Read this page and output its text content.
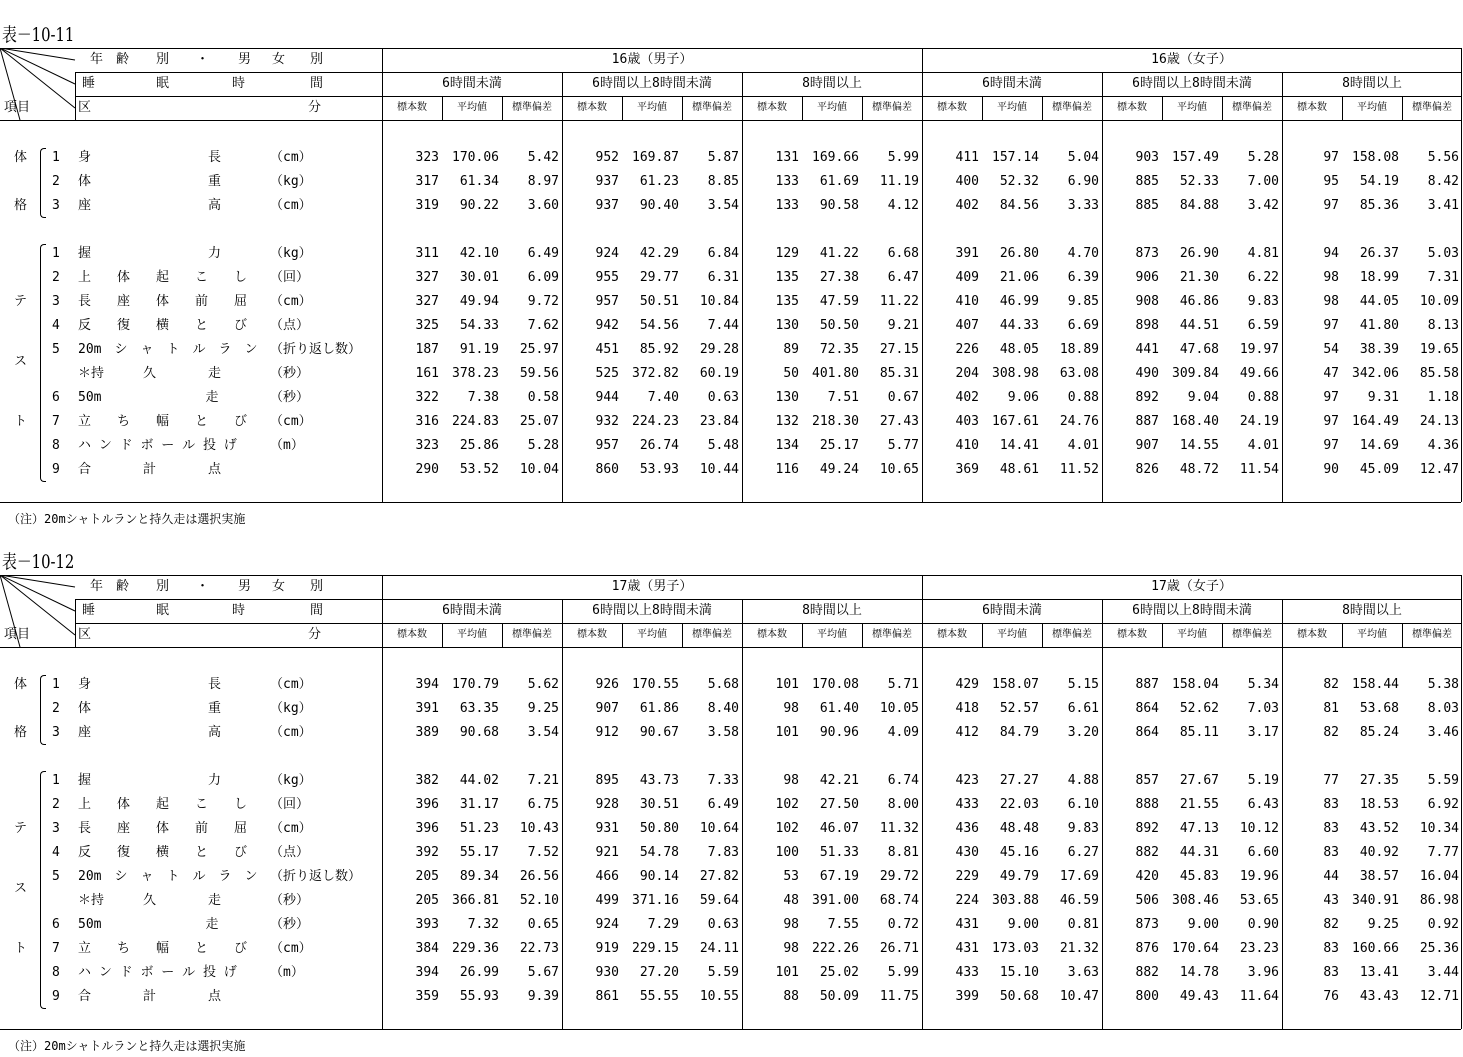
表－10-11
年 齢 別 ・ 男 女 別
睡	眠	時	間
項目	区	分
16歳（男子）	16歳（女子）
6時間未満
標本数	平均値	標準偏差
6時間以上8時間未満
標本数	平均値	標準偏差
8時間以上
標本数	平均値	標準偏差
6時間未満
標本数	平均値	標準偏差
6時間以上8時間未満
標本数	平均値	標準偏差
8時間以上
標本数	平均値	標準偏差
体
格
テ
ス
ト
1 身　　　　　　　　　長	（cm）	323	170.06	5.42	952	169.87	5.87	131	169.66	5.99	411	157.14	5.04	903	157.49	5.28	97	158.08	5.56
2 体　　　　　　　　　重	（kg）	317	61.34	8.97	937	61.23	8.85	133	61.69	11.19	400	52.32	6.90	885	52.33	7.00	95	54.19	8.42
3 座　　　　　　　　　高	（cm）	319	90.22	3.60	937	90.40	3.54	133	90.58	4.12	402	84.56	3.33	885	84.88	3.42	97	85.36	3.41
1 握　　　　　　　　　力	（kg）	311	42.10	6.49	924	42.29	6.84	129	41.22	6.68	391	26.80	4.70	873	26.90	4.81	94	26.37	5.03
2 上　　体　　起　　こ　　し （回）	327	30.01	6.09	955	29.77	6.31	135	27.38	6.47	409	21.06	6.39	906	21.30	6.22	98	18.99	7.31
3 長　　座　　体　　前　　屈 （cm）	327	49.94	9.72	957	50.51	10.84	135	47.59	11.22	410	46.99	9.85	908	46.86	9.83	98	44.05	10.09
4 反　　復　　横　　と　　び （点）	325	54.33	7.62	942	54.56	7.44	130	50.50	9.21	407	44.33	6.69	898	44.51	6.59	97	41.80	8.13
5 20m　シ　ャ　ト　ル　ラ　ン （折り返し数）	187	91.19	25.97	451	85.92	29.28	89	72.35	27.15	226	48.05	18.89	441	47.68	19.97	54	38.39	19.65
＊持　　　久　　　　走	（秒）	161	378.23	59.56	525	372.82	60.19	50	401.80	85.31	204	308.98	63.08	490	309.84	49.66	47	342.06	85.58
6 50m　　　　　　　　走	（秒）	322	7.38	0.58	944	7.40	0.63	130	7.51	0.67	402	9.06	0.88	892	9.04	0.88	97	9.31	1.18
7 立　　ち　　幅　　と　　び （cm）	316	224.83	25.07	932	224.23	23.84	132	218.30	27.43	403	167.61	24.76	887	168.40	24.19	97	164.49	24.13
8 ハ ン ド ボ ー ル 投 げ	（m）	323	25.86	5.28	957	26.74	5.48	134	25.17	5.77	410	14.41	4.01	907	14.55	4.01	97	14.69	4.36
9 合　　　　計　　　　点	290	53.52	10.04	860	53.93	10.44	116	49.24	10.65	369	48.61	11.52	826	48.72	11.54	90	45.09	12.47
（注）20mシャトルランと持久走は選択実施
表－10-12
年 齢 別 ・ 男 女 別
睡	眠	時	間
項目	区	分
17歳（男子）	17歳（女子）
6時間未満
標本数	平均値	標準偏差
6時間以上8時間未満
標本数	平均値	標準偏差
8時間以上
標本数	平均値	標準偏差
6時間未満
標本数	平均値	標準偏差
6時間以上8時間未満
標本数	平均値	標準偏差
8時間以上
標本数	平均値	標準偏差
体
格
テ
ス
ト
1 身　　　　　　　　　長	（cm）	394	170.79	5.62	926	170.55	5.68	101	170.08	5.71	429	158.07	5.15	887	158.04	5.34	82	158.44	5.38
2 体　　　　　　　　　重	（kg）	391	63.35	9.25	907	61.86	8.40	98	61.40	10.05	418	52.57	6.61	864	52.62	7.03	81	53.68	8.03
3 座　　　　　　　　　高	（cm）	389	90.68	3.54	912	90.67	3.58	101	90.96	4.09	412	84.79	3.20	864	85.11	3.17	82	85.24	3.46
1 握　　　　　　　　　力	（kg）	382	44.02	7.21	895	43.73	7.33	98	42.21	6.74	423	27.27	4.88	857	27.67	5.19	77	27.35	5.59
2 上　　体　　起　　こ　　し （回）	396	31.17	6.75	928	30.51	6.49	102	27.50	8.00	433	22.03	6.10	888	21.55	6.43	83	18.53	6.92
3 長　　座　　体　　前　　屈 （cm）	396	51.23	10.43	931	50.80	10.64	102	46.07	11.32	436	48.48	9.83	892	47.13	10.12	83	43.52	10.34
4 反　　復　　横　　と　　び （点）	392	55.17	7.52	921	54.78	7.83	100	51.33	8.81	430	45.16	6.27	882	44.31	6.60	83	40.92	7.77
5 20m　シ　ャ　ト　ル　ラ　ン （折り返し数）	205	89.34	26.56	466	90.14	27.82	53	67.19	29.72	229	49.79	17.69	420	45.83	19.96	44	38.57	16.04
＊持　　　久　　　　走	（秒）	205	366.81	52.10	499	371.16	59.64	48	391.00	68.74	224	303.88	46.59	506	308.46	53.65	43	340.91	86.98
6 50m　　　　　　　　走	（秒）	393	7.32	0.65	924	7.29	0.63	98	7.55	0.72	431	9.00	0.81	873	9.00	0.90	82	9.25	0.92
7 立　　ち　　幅　　と　　び （cm）	384	229.36	22.73	919	229.15	24.11	98	222.26	26.71	431	173.03	21.32	876	170.64	23.23	83	160.66	25.36
8 ハ ン ド ボ ー ル 投 げ	（m）	394	26.99	5.67	930	27.20	5.59	101	25.02	5.99	433	15.10	3.63	882	14.78	3.96	83	13.41	3.44
9 合　　　　計　　　　点	359	55.93	9.39	861	55.55	10.55	88	50.09	11.75	399	50.68	10.47	800	49.43	11.64	76	43.43	12.71
（注）20mシャトルランと持久走は選択実施
